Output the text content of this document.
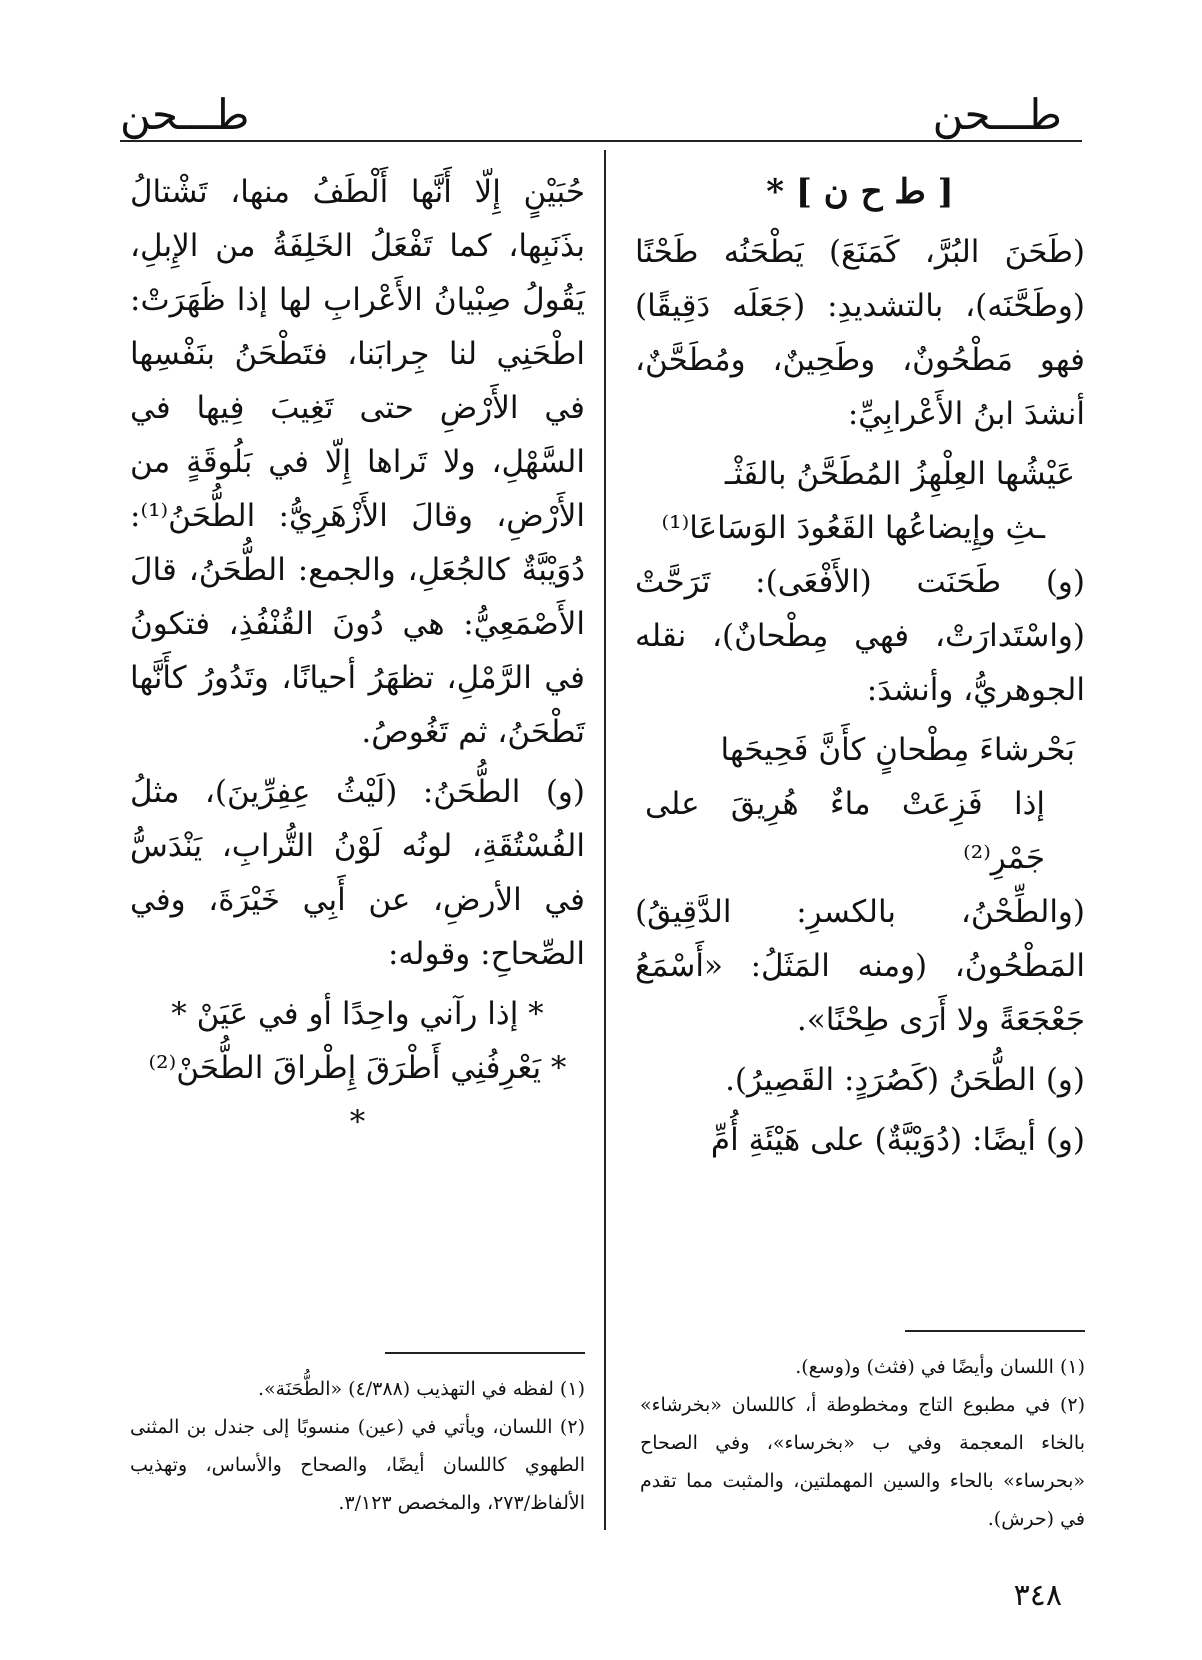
طـــحن
طـــحن
[ ط ح ن ] *

(طَحَنَ البُرَّ، كَمَنَعَ) يَطْحَنُه طَحْنًا (وطَحَّنَه)، بالتشديدِ: (جَعَلَه دَقِيقًا) فهو مَطْحُونٌ، وطَحِينٌ، ومُطَحَّنٌ، أنشدَ ابنُ الأَعْرابِيِّ:

عَيْشُها العِلْهِزُ المُطَحَّنُ بالفَثْـ

ـثِ وإِيضاعُها القَعُودَ الوَسَاعَا⁽¹⁾

(و) طَحَنَت (الأَفْعَى): تَرَحَّتْ (واسْتَدارَتْ، فهي مِطْحانٌ)، نقله الجوهريُّ، وأنشدَ:

بَحْرشاءَ مِطْحانٍ كأَنَّ فَحِيحَها

إذا فَزِعَتْ ماءٌ هُرِيقَ على جَمْرِ⁽²⁾

(والطِّحْنُ، بالكسرِ: الدَّقِيقُ) المَطْحُونُ، (ومنه المَثَلُ: «أَسْمَعُ جَعْجَعَةً ولا أَرَى طِحْنًا».

(و) الطُّحَنُ (كَصُرَدٍ: القَصِيرُ).

(و) أيضًا: (دُوَيْبَّةٌ) على هَيْئَةِ أُمِّ

حُبَيْنٍ إِلّا أَنَّها أَلْطَفُ منها، تَشْتالُ بذَنَبِها، كما تَفْعَلُ الخَلِفَةُ من الإِبلِ، يَقُولُ صِبْيانُ الأَعْرابِ لها إذا ظَهَرَتْ: اطْحَنِي لنا جِرابَنا، فتَطْحَنُ بنَفْسِها في الأَرْضِ حتى تَغِيبَ فِيها في السَّهْلِ، ولا تَراها إِلّا في بَلُوقَةٍ من الأَرْضِ، وقالَ الأَزْهَرِيُّ: الطُّحَنُ⁽¹⁾: دُوَيْبَّةٌ كالجُعَلِ، والجمع: الطُّحَنُ، قالَ الأَصْمَعِيُّ: هي دُونَ القُنْفُذِ، فتكونُ في الرَّمْلِ، تظهَرُ أحيانًا، وتَدُورُ كأَنَّها تَطْحَنُ، ثم تَغُوصُ.

(و) الطُّحَنُ: (لَيْثُ عِفِرِّينَ)، مثلُ الفُسْتُقَةِ، لونُه لَوْنُ التُّرابِ، يَنْدَسُّ في الأرضِ، عن أَبِي خَيْرَةَ، وفي الصِّحاحِ: وقوله:

* إذا رآني واحِدًا أو في عَيَنْ *

* يَعْرِفُنِي أَطْرَقَ إِطْراقَ الطُّحَنْ⁽²⁾ *

(١) اللسان وأيضًا في (فثث) و(وسع).

(٢) في مطبوع التاج ومخطوطة أ، كاللسان «بخرشاء» بالخاء المعجمة وفي ب «بخرساء»، وفي الصحاح «بحرساء» بالحاء والسين المهملتين، والمثبت مما تقدم في (حرش).

(١) لفظه في التهذيب (٤/٣٨٨) «الطُّحَنَة».

(٢) اللسان، ويأتي في (عين) منسوبًا إلى جندل بن المثنى الطهوي كاللسان أيضًا، والصحاح والأساس، وتهذيب الألفاظ/٢٧٣، والمخصص ٣/١٢٣.

٣٤٨
